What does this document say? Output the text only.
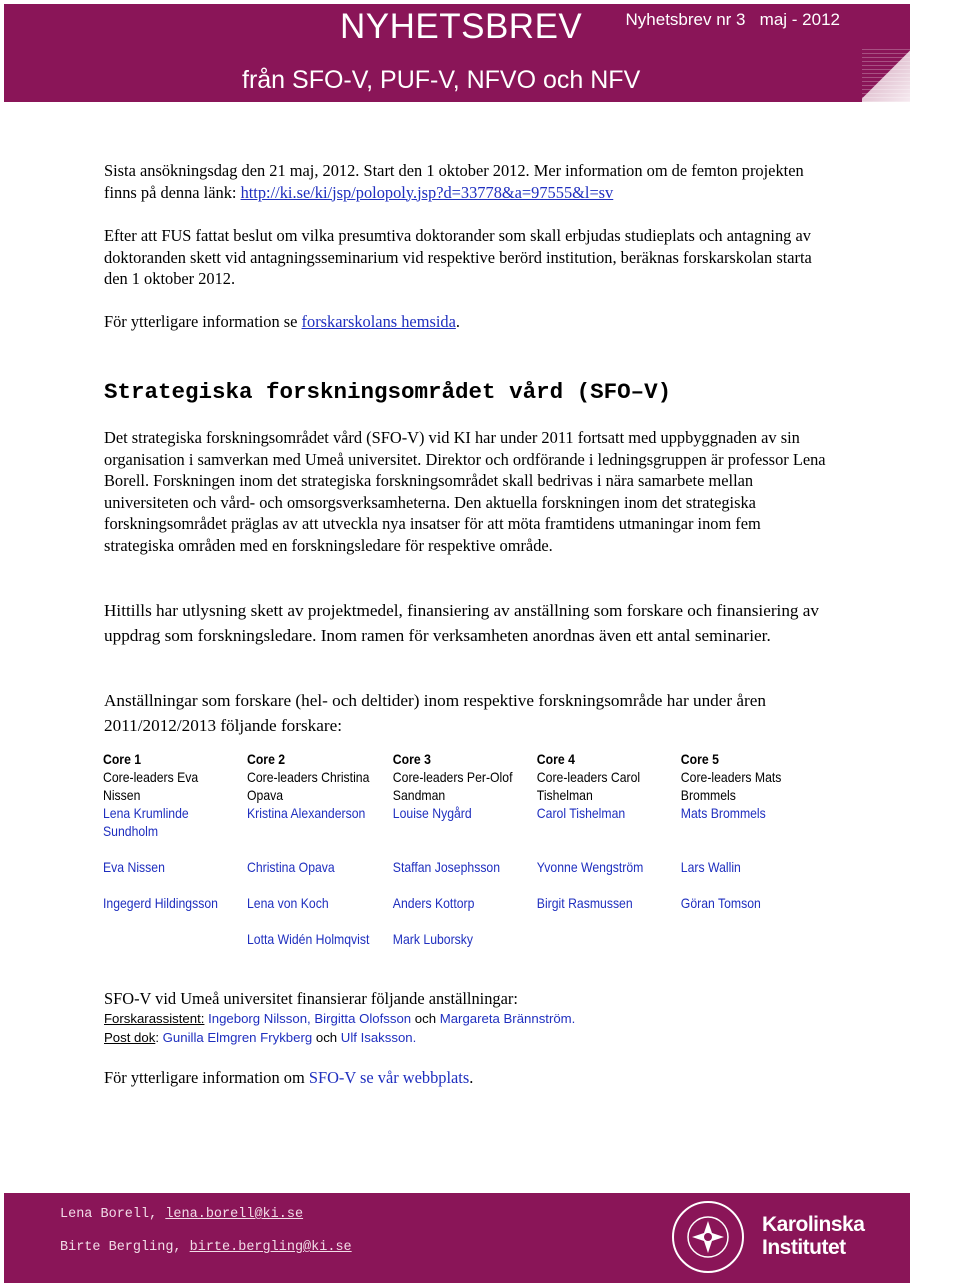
NYHETSBREV	Nyhetsbrev nr 3   maj - 2012
från SFO-V, PUF-V, NFVO och NFV

Sista ansökningsdag den 21 maj, 2012. Start den 1 oktober 2012. Mer information om de femton projekten finns på denna länk: http://ki.se/ki/jsp/polopoly.jsp?d=33778&a=97555&l=sv

Efter att FUS fattat beslut om vilka presumtiva doktorander som skall erbjudas studieplats och antagning av doktoranden skett vid antagningsseminarium vid respektive berörd institution, beräknas forskarskolan starta den 1 oktober 2012.
För ytterligare information se forskarskolans hemsida.
Strategiska forskningsområdet vård (SFO–V)
Det strategiska forskningsområdet vård (SFO-V) vid KI har under 2011 fortsatt med uppbyggnaden av sin organisation i samverkan med Umeå universitet. Direktor och ordförande i ledningsgruppen är professor Lena Borell. Forskningen inom det strategiska forskningsområdet skall bedrivas i nära samarbete mellan universiteten och vård- och omsorgsverksamheterna. Den aktuella forskningen inom det strategiska forskningsområdet präglas av att utveckla nya insatser för att möta framtidens utmaningar inom fem strategiska områden med en forskningsledare för respektive område.
Hittills har utlysning skett av projektmedel, finansiering av anställning som forskare och finansiering av uppdrag som forskningsledare. Inom ramen för verksamheten anordnas även ett antal seminarier.
Anställningar som forskare (hel- och deltider) inom respektive forskningsområde har under åren 2011/2012/2013 följande forskare:
Core 1
Core-leaders Eva Nissen
Lena Krumlinde Sundholm
Eva Nissen
Ingegerd Hildingsson
Core 2
Core-leaders Christina Opava
Kristina Alexanderson
Christina Opava
Lena von Koch
Lotta Widén Holmqvist
Core 3
Core-leaders Per-Olof Sandman
Louise Nygård
Staffan Josephsson
Anders Kottorp
Mark Luborsky
Core 4
Core-leaders Carol Tishelman
Carol Tishelman
Yvonne Wengström
Birgit Rasmussen
Core 5
Core-leaders Mats Brommels
Mats Brommels
Lars Wallin
Göran Tomson
SFO-V vid Umeå universitet finansierar följande anställningar:
Forskarassistent: Ingeborg Nilsson, Birgitta Olofsson och Margareta Brännström.
Post dok: Gunilla Elmgren Frykberg och Ulf Isaksson.
För ytterligare information om SFO-V se vår webbplats.
Lena Borell, lena.borell@ki.se
Birte Bergling, birte.bergling@ki.se
Karolinska
Institutet
